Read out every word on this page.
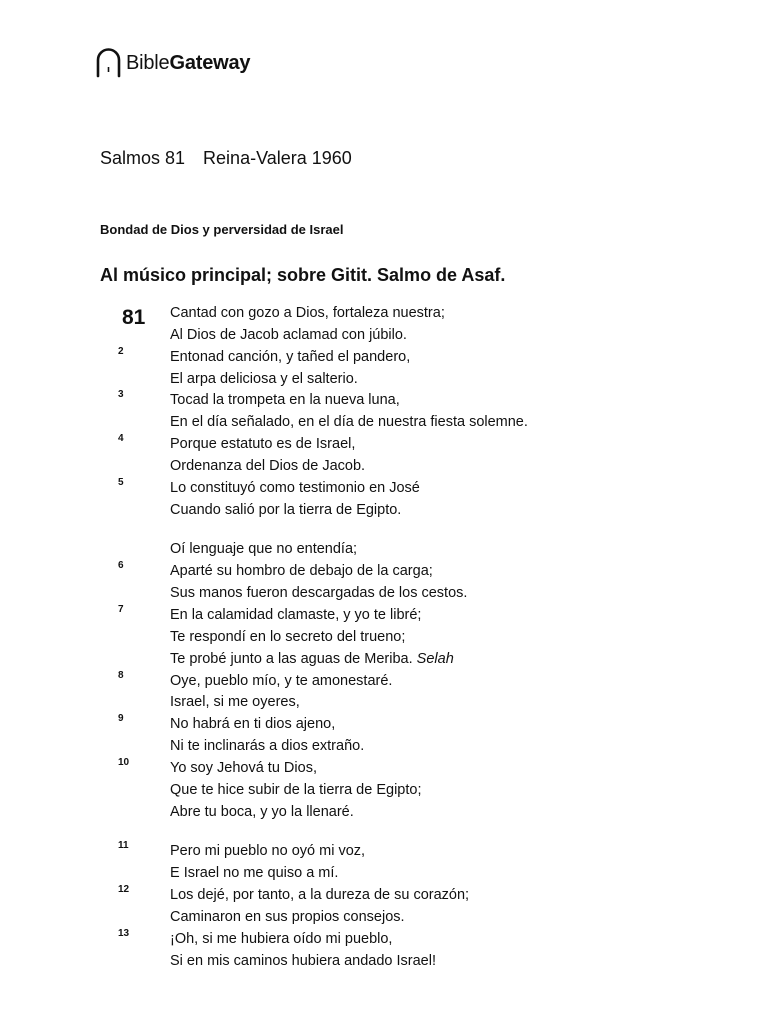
BibleGateway
Salmos 81 Reina-Valera 1960
Bondad de Dios y perversidad de Israel
Al músico principal; sobre Gitit. Salmo de Asaf.
81 Cantad con gozo a Dios, fortaleza nuestra;
Al Dios de Jacob aclamad con júbilo.
2	Entonad canción, y tañed el pandero,
El arpa deliciosa y el salterio.
3	Tocad la trompeta en la nueva luna,
En el día señalado, en el día de nuestra fiesta solemne.
4	Porque estatuto es de Israel,
Ordenanza del Dios de Jacob.
5	Lo constituyó como testimonio en José
Cuando salió por la tierra de Egipto.
Oí lenguaje que no entendía;
6	Aparté su hombro de debajo de la carga;
Sus manos fueron descargadas de los cestos.
7	En la calamidad clamaste, y yo te libré;
Te respondí en lo secreto del trueno;
Te probé junto a las aguas de Meriba. Selah
8	Oye, pueblo mío, y te amonestaré.
Israel, si me oyeres,
9	No habrá en ti dios ajeno,
Ni te inclinarás a dios extraño.
10	Yo soy Jehová tu Dios,
Que te hice subir de la tierra de Egipto;
Abre tu boca, y yo la llenaré.
11	Pero mi pueblo no oyó mi voz,
E Israel no me quiso a mí.
12	Los dejé, por tanto, a la dureza de su corazón;
Caminaron en sus propios consejos.
13	¡Oh, si me hubiera oído mi pueblo,
Si en mis caminos hubiera andado Israel!
